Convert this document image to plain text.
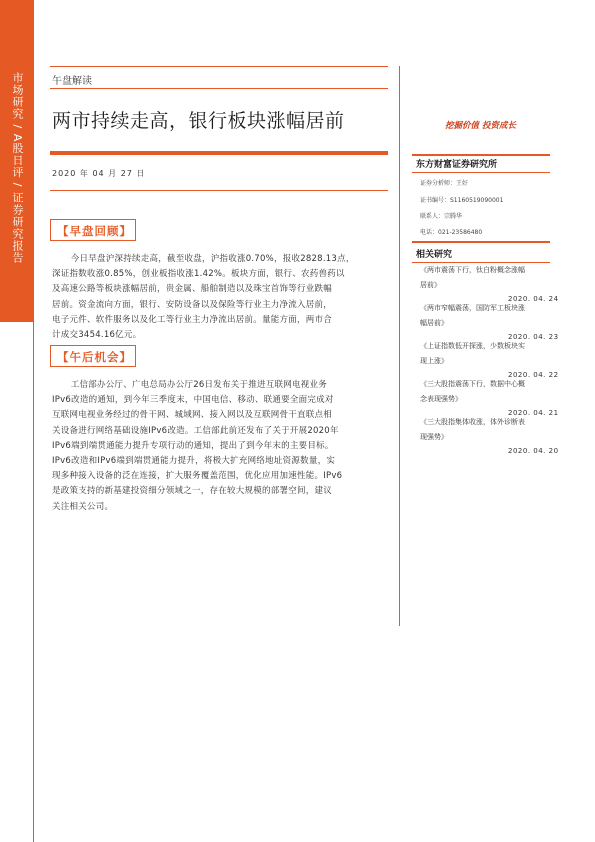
市场研究 / A股日评 / 证券研究报告	午盘解读
两市持续走高，银行板块涨幅居前
2020 年 04 月 27 日
挖掘价值 投资成长
【早盘回顾】
今日早盘沪深持续走高，截至收盘，沪指收涨0.70%，报收2828.13点，
深证指数收涨0.85%，创业板指收涨1.42%。板块方面，银行、农药兽药以
及高速公路等板块涨幅居前，贵金属、船舶制造以及珠宝首饰等行业跌幅
居前。资金流向方面，银行、安防设备以及保险等行业主力净流入居前，
电子元件、软件服务以及化工等行业主力净流出居前。量能方面，两市合
计成交3454.16亿元。
【午后机会】
工信部办公厅、广电总局办公厅26日发布关于推进互联网电视业务
IPv6改造的通知，到今年三季度末，中国电信、移动、联通要全面完成对
互联网电视业务经过的骨干网、城域网、接入网以及互联网骨干直联点相
关设备进行网络基础设施IPv6改造。工信部此前还发布了关于开展2020年
IPv6端到端贯通能力提升专项行动的通知，提出了到今年末的主要目标。
IPv6改造和IPv6端到端贯通能力提升，将极大扩充网络地址资源数量，实
现多种接入设备的泛在连接，扩大服务覆盖范围，优化应用加速性能。IPv6
是政策支持的新基建投资细分领域之一，存在较大规模的部署空间，建议
关注相关公司。
东方财富证券研究所
证券分析师：王好
证书编号：S1160519090001
联系人：宗腾华
电话：021-23586480
相关研究
《两市震荡下行，钛白粉概念涨幅
居前》
2020. 04. 24
《两市窄幅震荡，国防军工板块涨
幅居前》
2020. 04. 23
《上证指数低开探涨，少数板块实
现上涨》
2020. 04. 22
《三大股指震荡下行，数据中心概
念表现强势》
2020. 04. 21
《三大股指集体收涨，体外诊断表
现强势》
2020. 04. 20
